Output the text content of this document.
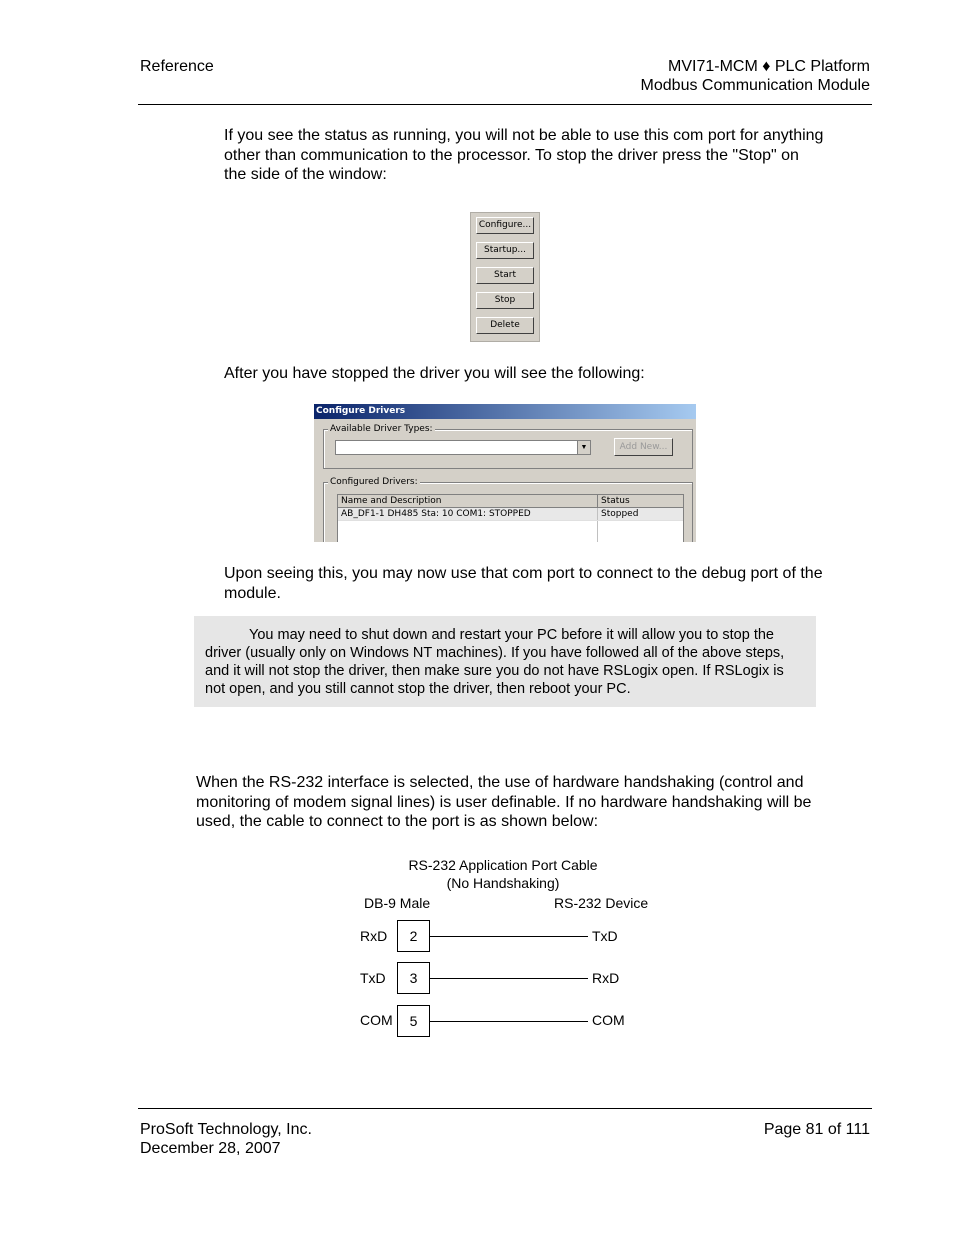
Reference	MVI71-MCM ♦ PLC Platform
Modbus Communication Module
If you see the status as running, you will not be able to use this com port for anything other than communication to the processor. To stop the driver press the "Stop" on the side of the window:
Configure...
Startup...
Start
Stop
Delete
After you have stopped the driver you will see the following:
Configure Drivers
Available Driver Types:
▼	Add New...
Configured Drivers:
Name and Description	Status
AB_DF1-1 DH485 Sta: 10 COM1: STOPPED	Stopped
Upon seeing this, you may now use that com port to connect to the debug port of the module.
You may need to shut down and restart your PC before it will allow you to stop the driver (usually only on Windows NT machines). If you have followed all of the above steps, and it will not stop the driver, then make sure you do not have RSLogix open. If RSLogix is not open, and you still cannot stop the driver, then reboot your PC.
When the RS-232 interface is selected, the use of hardware handshaking (control and monitoring of modem signal lines) is user definable. If no hardware handshaking will be used, the cable to connect to the port is as shown below:
RS-232 Application Port Cable
(No Handshaking)
DB-9 Male	RS-232 Device
RxD	2	TxD
TxD	3	RxD
COM	5	COM
ProSoft Technology, Inc.
December 28, 2007
Page 81 of 111
